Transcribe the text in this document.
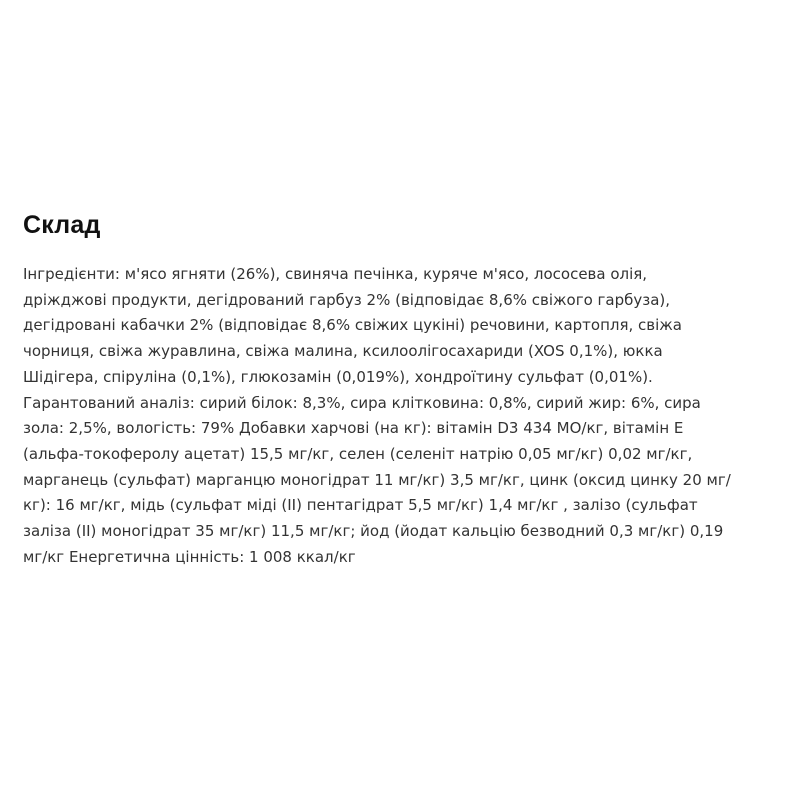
Склад

Інгредієнти: м'ясо ягняти (26%), свиняча печінка, куряче м'ясо, лососева олія,
дріжджові продукти, дегідрований гарбуз 2% (відповідає 8,6% свіжого гарбуза),
дегідровані кабачки 2% (відповідає 8,6% свіжих цукіні) речовини, картопля, свіжа
чорниця, свіжа журавлина, свіжа малина, ксилоолігосахариди (XOS 0,1%), юкка
Шідігера, спіруліна (0,1%), глюкозамін (0,019%), хондроїтину сульфат (0,01%).
Гарантований аналіз: сирий білок: 8,3%, сира клітковина: 0,8%, сирий жир: 6%, сира
зола: 2,5%, вологість: 79% Добавки харчові (на кг): вітамін D3 434 МО/кг, вітамін Е
(альфа-токоферолу ацетат) 15,5 мг/кг, селен (селеніт натрію 0,05 мг/кг) 0,02 мг/кг,
марганець (сульфат) марганцю моногідрат 11 мг/кг) 3,5 мг/кг, цинк (оксид цинку 20 мг/
кг): 16 мг/кг, мідь (сульфат міді (II) пентагідрат 5,5 мг/кг) 1,4 мг/кг , залізо (сульфат
заліза (II) моногідрат 35 мг/кг) 11,5 мг/кг; йод (йодат кальцію безводний 0,3 мг/кг) 0,19
мг/кг Енергетична цінність: 1 008 ккал/кг
